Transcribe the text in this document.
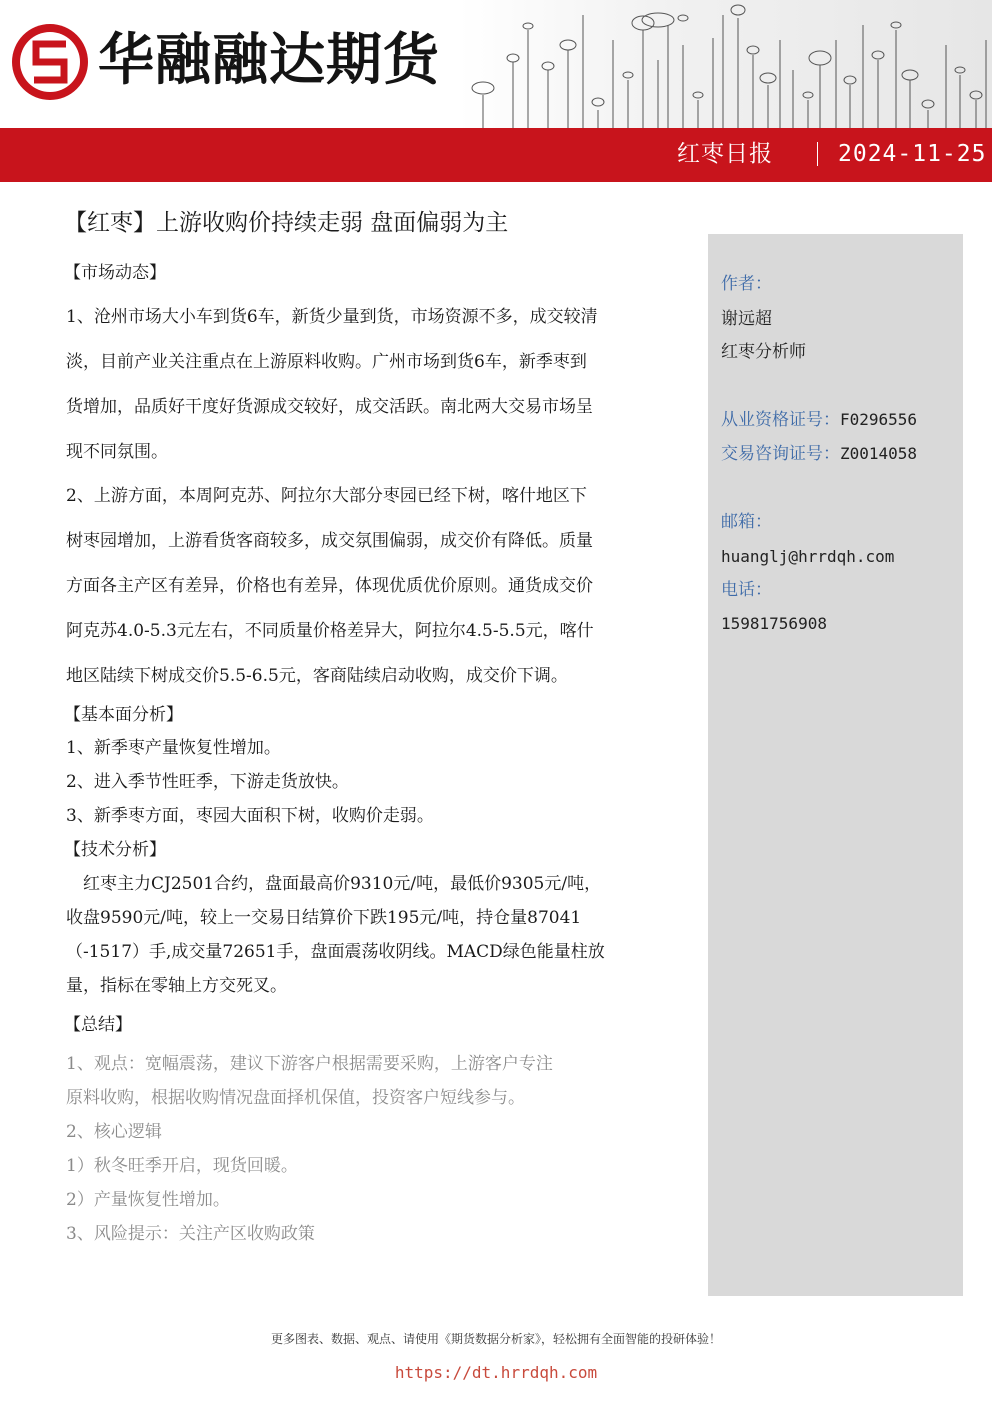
华融融达期货
红枣日报	2024-11-25
作者：
谢远超
红枣分析师
从业资格证号：F0296556
交易咨询证号：Z0014058
邮箱：
huanglj@hrrdqh.com
电话：
15981756908
【红枣】上游收购价持续走弱 盘面偏弱为主
【市场动态】
1、沧州市场大小车到货6车，新货少量到货，市场资源不多，成交较清
淡，目前产业关注重点在上游原料收购。广州市场到货6车，新季枣到
货增加，品质好干度好货源成交较好，成交活跃。南北两大交易市场呈
现不同氛围。
2、上游方面，本周阿克苏、阿拉尔大部分枣园已经下树，喀什地区下
树枣园增加，上游看货客商较多，成交氛围偏弱，成交价有降低。质量
方面各主产区有差异，价格也有差异，体现优质优价原则。通货成交价
阿克苏4.0-5.3元左右，不同质量价格差异大，阿拉尔4.5-5.5元，喀什
地区陆续下树成交价5.5-6.5元，客商陆续启动收购，成交价下调。
【基本面分析】
1、新季枣产量恢复性增加。
2、进入季节性旺季，下游走货放快。
3、新季枣方面，枣园大面积下树，收购价走弱。
【技术分析】
　红枣主力CJ2501合约，盘面最高价9310元/吨，最低价9305元/吨，
收盘9590元/吨，较上一交易日结算价下跌195元/吨，持仓量87041
（-1517）手,成交量72651手，盘面震荡收阴线。MACD绿色能量柱放
量，指标在零轴上方交死叉。
【总结】
1、观点：宽幅震荡，建议下游客户根据需要采购，上游客户专注
原料收购，根据收购情况盘面择机保值，投资客户短线参与。
2、核心逻辑
1）秋冬旺季开启，现货回暖。
2）产量恢复性增加。
3、风险提示：关注产区收购政策
更多图表、数据、观点、请使用《期货数据分析家》，轻松拥有全面智能的投研体验！
https://dt.hrrdqh.com
